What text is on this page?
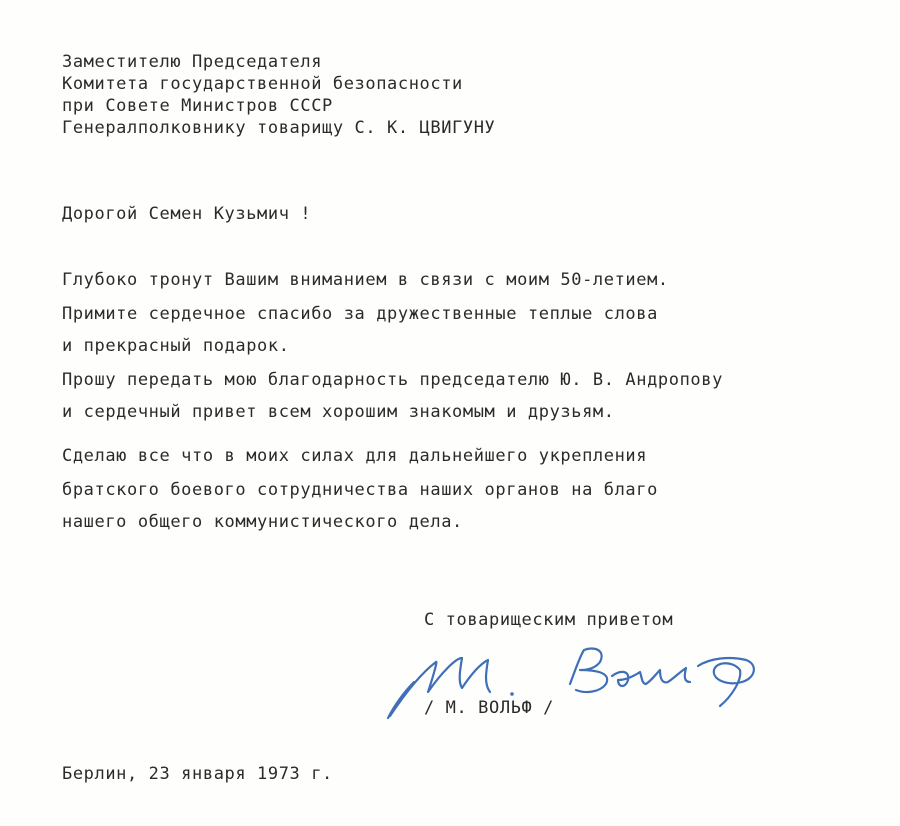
Заместителю Председателя
Комитета государственной безопасности
при Совете Министров СССР
Генералполковнику товарищу С. К. ЦВИГУНУ
Дорогой Семен Кузьмич !
Глубоко тронут Вашим вниманием в связи с моим 50-летием.
Примите сердечное спасибо за дружественные теплые слова
и прекрасный подарок.
Прошу передать мою благодарность председателю Ю. В. Андропову
и сердечный привет всем хорошим знакомым и друзьям.
Сделаю все что в моих силах для дальнейшего укрепления
братского боевого сотрудничества наших органов на благо
нашего общего коммунистического дела.
С товарищеским приветом
/ М. ВОЛЬФ /
Берлин, 23 января 1973 г.
